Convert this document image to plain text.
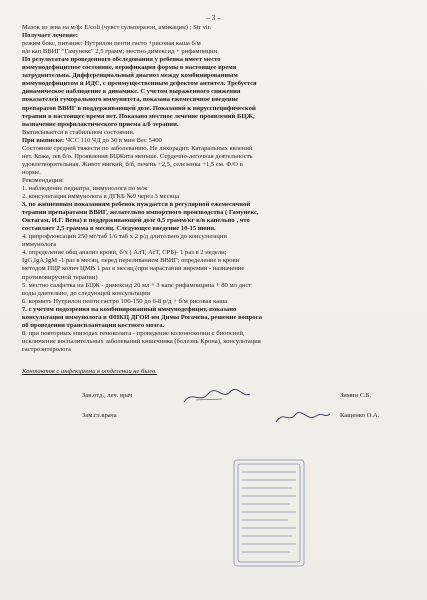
– 3 –
Мазок из зева на м/ф: E/coli (чувст сульперазон, амикацин) ; Str vir.
Получает лечение:
режим бокс, питание: Нутрилон пепти гасто +рисовая каша б/м
в/в кап ВВИГ "Гамунекс" 2,5 грамм; местно димексид + рифампицин
По результатам проведенного обследования у ребенка имеет место
иммунодефицитное состояние, верификация формы в настоящее время
затруднительна. Дифференциальный диагноз между комбинированным
иммунодефицитом и ИДС, с преимущественным дефектом антител. Требуется
динамическое наблюдение в динамике. С учетом выраженного снижения
показателей гуморального иммунитета, показана ежемесячное введение
препаратов ВВИГ в поддерживающей дозе. Показаний к вирусспецифической
терапии в настоящее время нет. Показано местное лечение проявлений БЦЖ,
назначение профилактического приема а/б терапии.
Выписывается в стабильном состоянии.
При выписке: ЧСС 110 ЧД до 30 в мин Вес 5400
Состояние средней тяжести по заболеванию. Не лихорадит. Катаральных явлений
нет. Кожа, зев б/о. Проявления БЦЖита меньше. Сердечно-легочная деятельность
удовлетворительная. Живот мягкий, б/б, печень +2,5, селезенка +1,5 см. Ф/О в
норме.
Рекомендации:
1. наблюдение педиатра, иммунолога по м/ж
2. консультация иммунолога в ДГКБ №9 через 3 месяца
3. по жизненным показаниям ребенок нуждается в регулярной ежемесячной
терапии препаратами ВВИГ, желательно импортного производства ( Гамунекс,
Октагам, И.Г. Вена) в поддерживающей дозе 0,5 грамм/кг в/в капельно , что
составляет 2,5 грамма в месяц. Следующее введение 10-15 июня.
4. ципрофлоксацин 250 мг/таб 1/6 таб х 2 р/д длительно до консультации
иммунолога
4. определение общ анализ крови, б/х ( АлТ, АсТ, СРБ)- 1 раз в 2 недели;
IgG,IgA,IgM -1 раз в месяц, перед переливанием ВВИГ; определение в крови
методом ПЦР колич ЦМВ 1 раз в месяц (при нарастании виремии - назначение
противовирусной терапии)
5. местно салфетка на БЦЖ - димексид 20 мл + 3 капс рифампицина + 80 мл дист
воды длительно, до следующей консультации
6. кормить Нутрилон пепти гастро 100-150 до 6-8 р/д + б/м рисовая каша
7. с учетом подозрения на комбинированный иммунодефицит, показано
консультация иммунолога в ФНКЦ ДГОИ им Димы Рогачева, решение вопроса
об проведении трансплантации костного мозга.
8. при повторных эпизодах гемоколита - проведение колоноскопии с биопсией,
исключение воспалительных заболеваний кишечника (болезнь Крона), консультация
гастроэнтеролога
Контактов с инфекциями в отделении не было.
Зав.отд., леч. врач	Зимин С.Б.
Зам.гл.врача	Кащенко О.А.
